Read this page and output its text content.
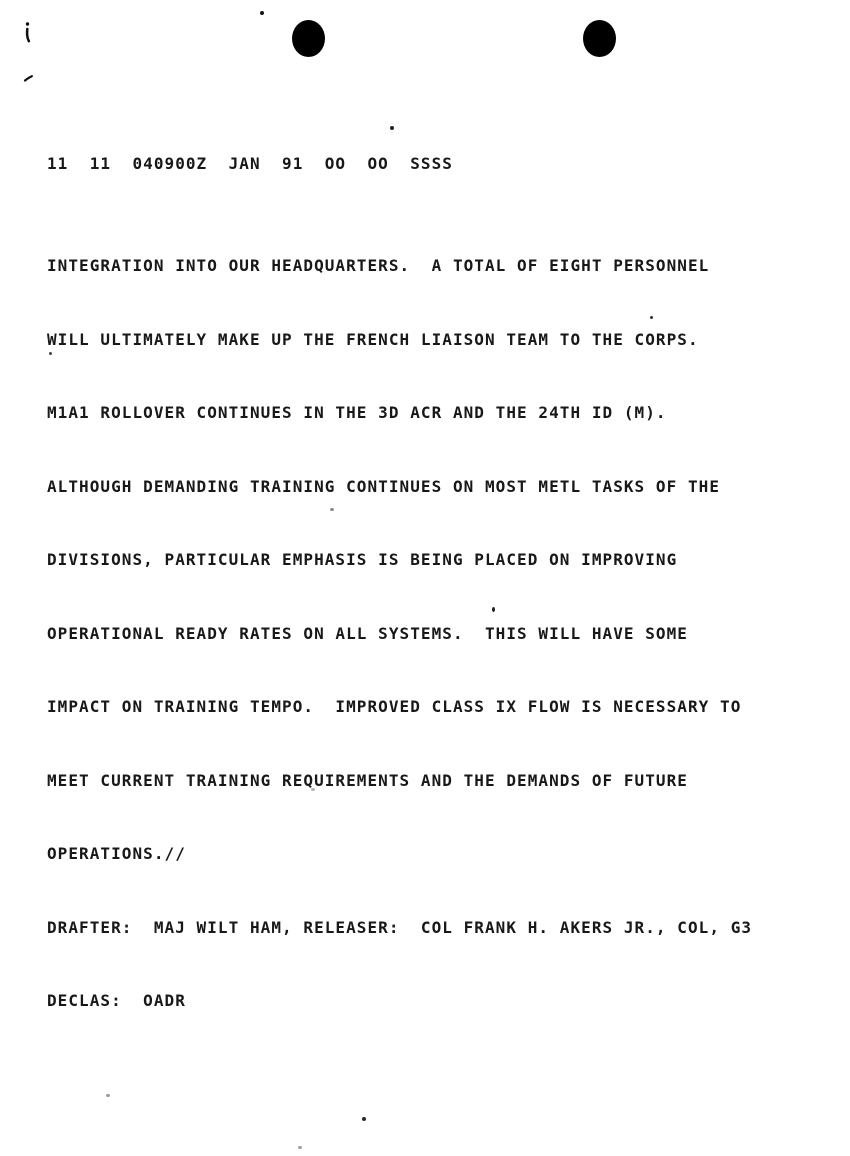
11  11  040900Z  JAN  91  OO  OO  SSSS

INTEGRATION INTO OUR HEADQUARTERS.  A TOTAL OF EIGHT PERSONNEL

WILL ULTIMATELY MAKE UP THE FRENCH LIAISON TEAM TO THE CORPS.

M1A1 ROLLOVER CONTINUES IN THE 3D ACR AND THE 24TH ID (M).

ALTHOUGH DEMANDING TRAINING CONTINUES ON MOST METL TASKS OF THE

DIVISIONS, PARTICULAR EMPHASIS IS BEING PLACED ON IMPROVING

OPERATIONAL READY RATES ON ALL SYSTEMS.  THIS WILL HAVE SOME

IMPACT ON TRAINING TEMPO.  IMPROVED CLASS IX FLOW IS NECESSARY TO

MEET CURRENT TRAINING REQUIREMENTS AND THE DEMANDS OF FUTURE

OPERATIONS.//

DRAFTER:  MAJ WILT HAM, RELEASER:  COL FRANK H. AKERS JR., COL, G3

DECLAS:  OADR
